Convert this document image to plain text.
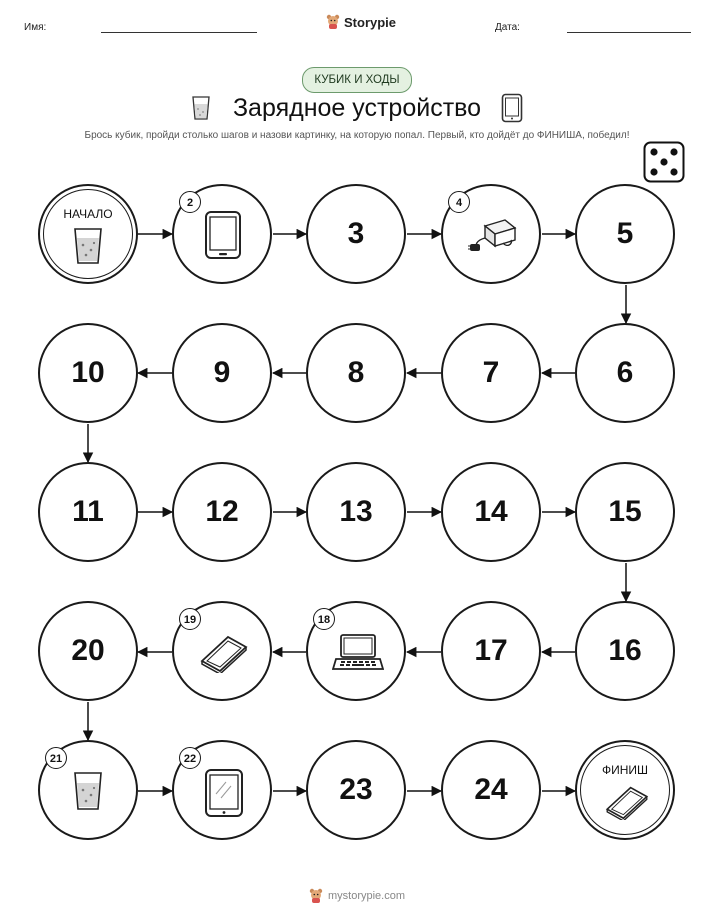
Имя:	Storypie	Дата:
КУБИК И ХОДЫ
Зарядное устройство
Брось кубик, пройди столько шагов и назови картинку, на которую попал. Первый, кто дойдёт до ФИНИША, победил!
НАЧАЛО
2
3
4
5
6
7
8
9
10
11	12	13	14	15
16
17
18
19
20
21	22
23	24
ФИНИШ
mystorypie.com
